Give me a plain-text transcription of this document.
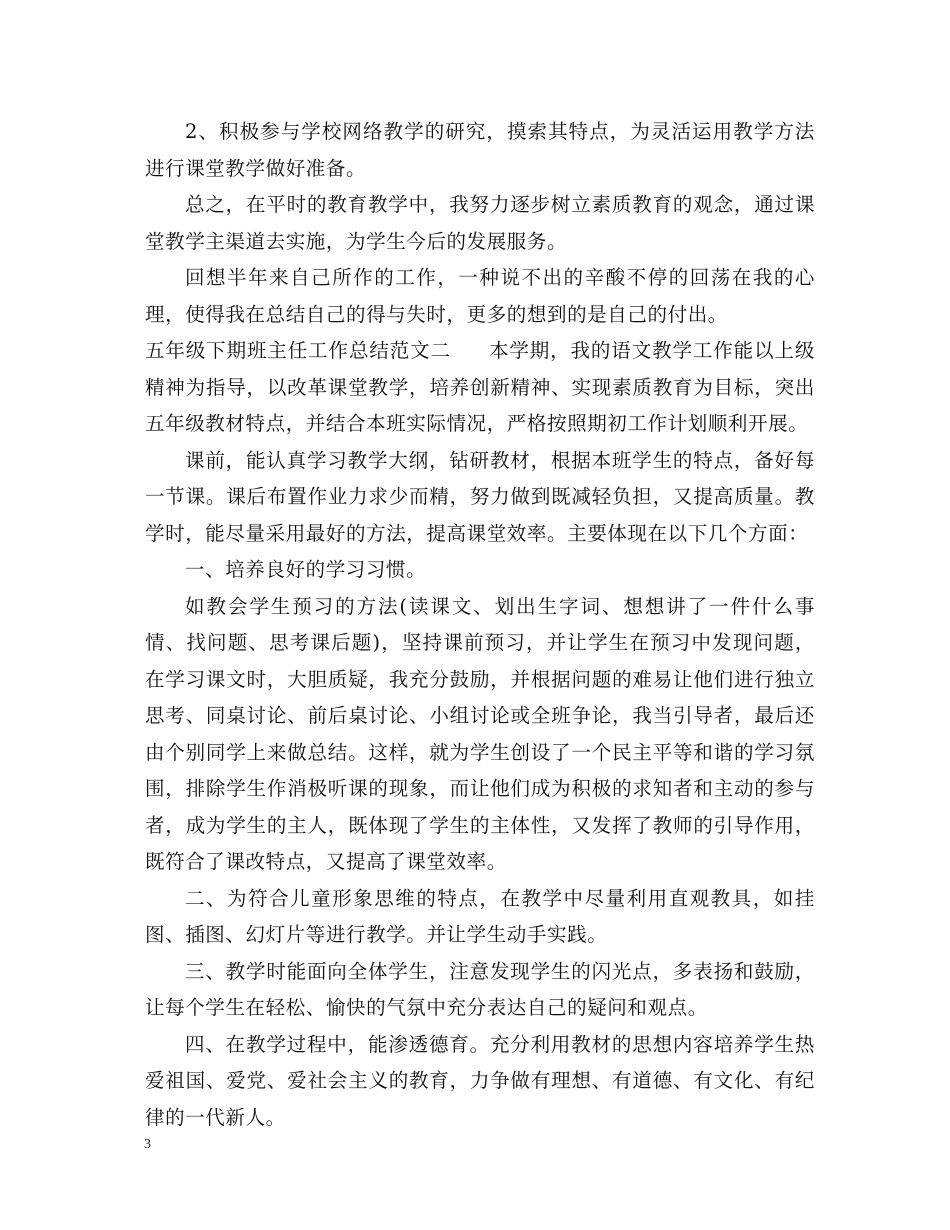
2、积极参与学校网络教学的研究，摸索其特点，为灵活运用教学方法进行课堂教学做好准备。

总之，在平时的教育教学中，我努力逐步树立素质教育的观念，通过课堂教学主渠道去实施，为学生今后的发展服务。

回想半年来自己所作的工作，一种说不出的辛酸不停的回荡在我的心理，使得我在总结自己的得与失时，更多的想到的是自己的付出。

五年级下期班主任工作总结范文二 本学期，我的语文教学工作能以上级精神为指导，以改革课堂教学，培养创新精神、实现素质教育为目标，突出五年级教材特点，并结合本班实际情况，严格按照期初工作计划顺利开展。

课前，能认真学习教学大纲，钻研教材，根据本班学生的特点，备好每一节课。课后布置作业力求少而精，努力做到既减轻负担，又提高质量。教学时，能尽量采用最好的方法，提高课堂效率。主要体现在以下几个方面：

一、培养良好的学习习惯。

如教会学生预习的方法(读课文、划出生字词、想想讲了一件什么事情、找问题、思考课后题)，坚持课前预习，并让学生在预习中发现问题，在学习课文时，大胆质疑，我充分鼓励，并根据问题的难易让他们进行独立思考、同桌讨论、前后桌讨论、小组讨论或全班争论，我当引导者，最后还由个别同学上来做总结。这样，就为学生创设了一个民主平等和谐的学习氛围，排除学生作消极听课的现象，而让他们成为积极的求知者和主动的参与者，成为学生的主人，既体现了学生的主体性，又发挥了教师的引导作用，既符合了课改特点，又提高了课堂效率。

二、为符合儿童形象思维的特点，在教学中尽量利用直观教具，如挂图、插图、幻灯片等进行教学。并让学生动手实践。

三、教学时能面向全体学生，注意发现学生的闪光点，多表扬和鼓励，让每个学生在轻松、愉快的气氛中充分表达自己的疑问和观点。

四、在教学过程中，能渗透德育。充分利用教材的思想内容培养学生热爱祖国、爱党、爱社会主义的教育，力争做有理想、有道德、有文化、有纪律的一代新人。

3
